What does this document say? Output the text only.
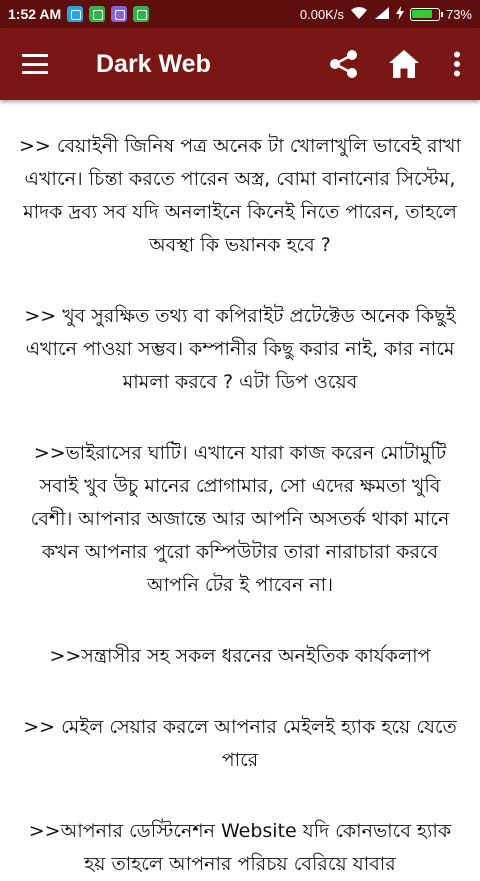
1:52 AM	0.00K/s	73%
Dark Web

>> বেয়াইনী জিনিষ পত্র অনেক টা খোলাখুলি ভাবেই রাখা এখানে। চিন্তা করতে পারেন অস্ত্র, বোমা বানানোর সিস্টেম, মাদক দ্রব্য সব যদি অনলাইনে কিনেই নিতে পারেন, তাহলে অবস্থা কি ভয়ানক হবে ?

>> খুব সুরক্ষিত তথ্য বা কপিরাইট প্রটেক্টেড অনেক কিছুই এখানে পাওয়া সম্ভব। কম্পানীর কিছু করার নাই, কার নামে মামলা করবে ? এটা ডিপ ওয়েব

>>ভাইরাসের ঘাটি। এখানে যারা কাজ করেন মোটামুটি সবাই খুব উচু মানের প্রোগামার, সো এদের ক্ষমতা খুবি বেশী। আপনার অজান্তে আর আপনি অসতর্ক থাকা মানে কখন আপনার পুরো কম্পিউটার তারা নারাচারা করবে আপনি টের ই পাবেন না।

>>সন্ত্রাসীর সহ সকল ধরনের অনইতিক কার্যকলাপ

>> মেইল সেয়ার করলে আপনার মেইলই হ্যাক হয়ে যেতে পারে

>>আপনার ডেস্টিনেশন Website যদি কোনভাবে হ্যাক হয় তাহলে আপনার পরিচয় বেরিয়ে যাবার
